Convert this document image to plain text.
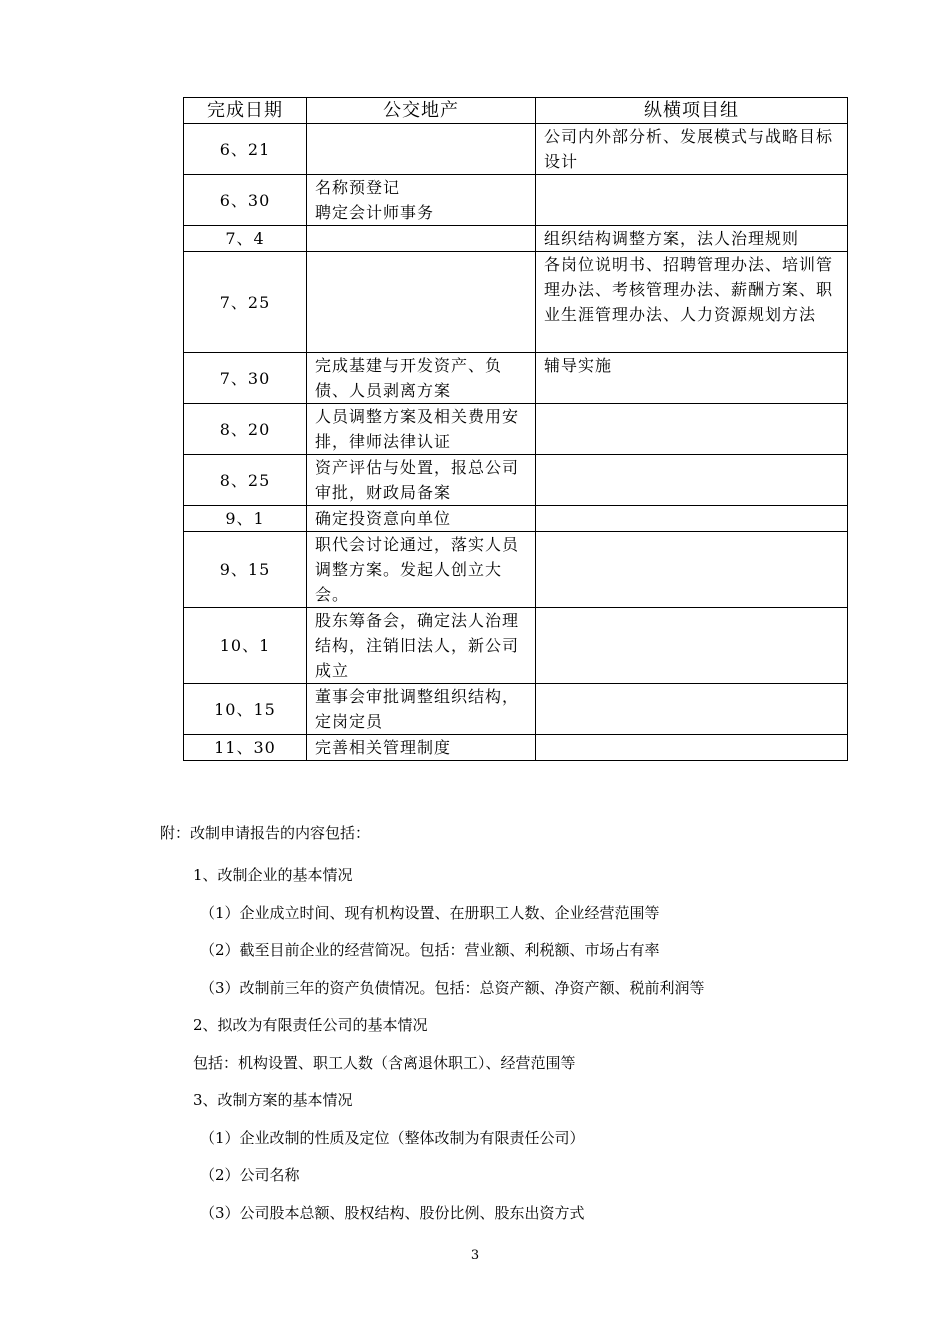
完成日期	公交地产	纵横项目组
6、21		公司内外部分析、发展模式与战略目标设计
6、30	名称预登记
聘定会计师事务	
7、4		组织结构调整方案，法人治理规则
7、25		各岗位说明书、招聘管理办法、培训管理办法、考核管理办法、薪酬方案、职业生涯管理办法、人力资源规划方法
7、30	完成基建与开发资产、负债、人员剥离方案	辅导实施
8、20	人员调整方案及相关费用安排，律师法律认证	
8、25	资产评估与处置，报总公司审批，财政局备案	
9、1	确定投资意向单位	
9、15	职代会讨论通过，落实人员调整方案。发起人创立大会。	
10、1	股东筹备会，确定法人治理结构，注销旧法人，新公司成立	
10、15	董事会审批调整组织结构，定岗定员	
11、30	完善相关管理制度	
附：改制申请报告的内容包括：
1、改制企业的基本情况
（1）企业成立时间、现有机构设置、在册职工人数、企业经营范围等
（2）截至目前企业的经营简况。包括：营业额、利税额、市场占有率
（3）改制前三年的资产负债情况。包括：总资产额、净资产额、税前利润等
2、拟改为有限责任公司的基本情况
包括：机构设置、职工人数（含离退休职工）、经营范围等
3、改制方案的基本情况
（1）企业改制的性质及定位（整体改制为有限责任公司）
（2）公司名称
（3）公司股本总额、股权结构、股份比例、股东出资方式
3
